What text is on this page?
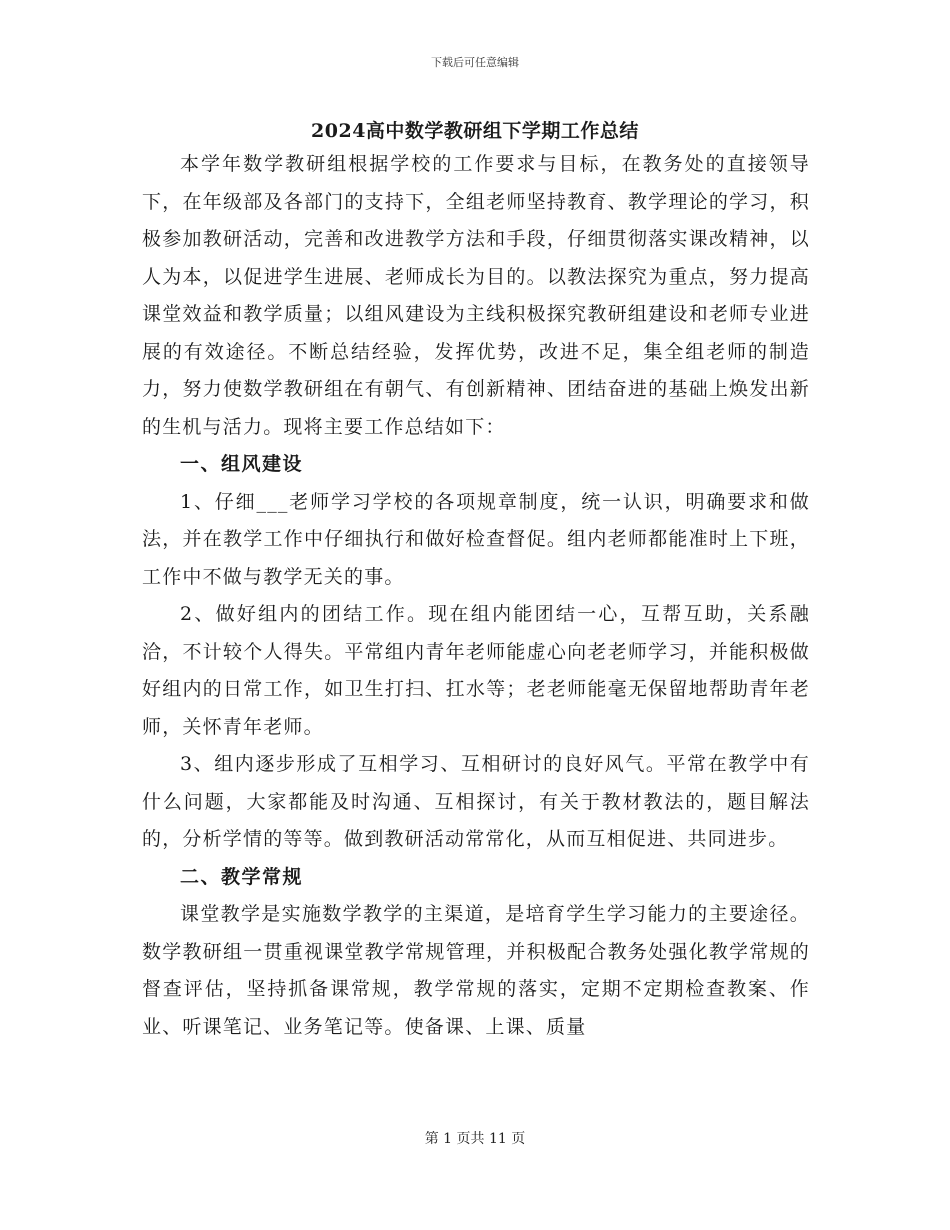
下载后可任意编辑
2024高中数学教研组下学期工作总结

本学年数学教研组根据学校的工作要求与目标，在教务处的直接领导下，在年级部及各部门的支持下，全组老师坚持教育、教学理论的学习，积极参加教研活动，完善和改进教学方法和手段，仔细贯彻落实课改精神，以人为本，以促进学生进展、老师成长为目的。以教法探究为重点，努力提高课堂效益和教学质量；以组风建设为主线积极探究教研组建设和老师专业进展的有效途径。不断总结经验，发挥优势，改进不足，集全组老师的制造力，努力使数学教研组在有朝气、有创新精神、团结奋进的基础上焕发出新的生机与活力。现将主要工作总结如下：

一、组风建设

1、仔细___老师学习学校的各项规章制度，统一认识，明确要求和做法，并在教学工作中仔细执行和做好检查督促。组内老师都能准时上下班，工作中不做与教学无关的事。

2、做好组内的团结工作。现在组内能团结一心，互帮互助，关系融洽，不计较个人得失。平常组内青年老师能虚心向老老师学习，并能积极做好组内的日常工作，如卫生打扫、扛水等；老老师能毫无保留地帮助青年老师，关怀青年老师。

3、组内逐步形成了互相学习、互相研讨的良好风气。平常在教学中有什么问题，大家都能及时沟通、互相探讨，有关于教材教法的，题目解法的，分析学情的等等。做到教研活动常常化，从而互相促进、共同进步。

二、教学常规

课堂教学是实施数学教学的主渠道，是培育学生学习能力的主要途径。数学教研组一贯重视课堂教学常规管理，并积极配合教务处强化教学常规的督查评估，坚持抓备课常规，教学常规的落实，定期不定期检查教案、作业、听课笔记、业务笔记等。使备课、上课、质量

第 1 页共 11 页
